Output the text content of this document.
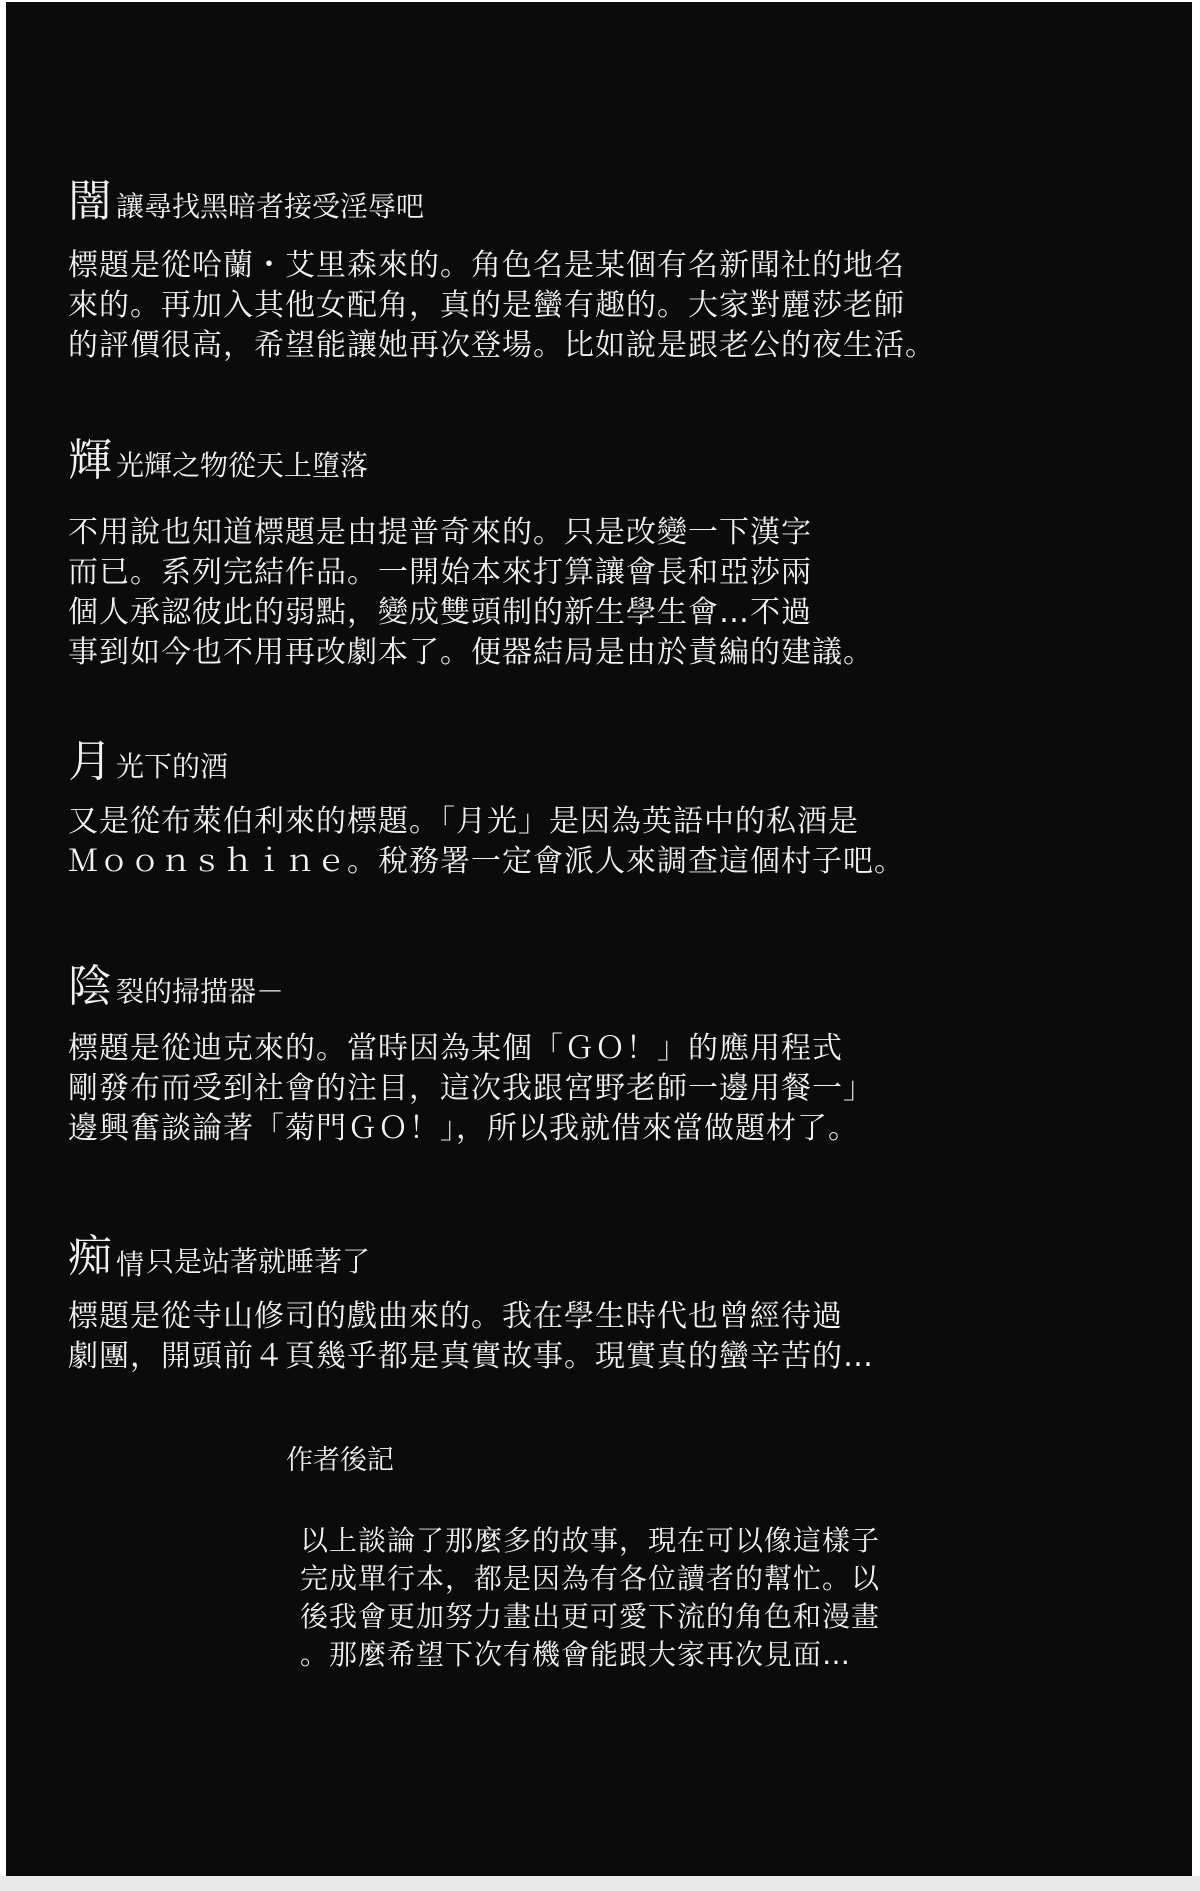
闇 讓尋找黑暗者接受淫辱吧
標題是從哈蘭・艾里森來的。角色名是某個有名新聞社的地名
來的。再加入其他女配角，真的是蠻有趣的。大家對麗莎老師
的評價很高，希望能讓她再次登場。比如說是跟老公的夜生活。
輝 光輝之物從天上墮落
不用說也知道標題是由提普奇來的。只是改變一下漢字
而已。系列完結作品。一開始本來打算讓會長和亞莎兩
個人承認彼此的弱點，變成雙頭制的新生學生會…不過
事到如今也不用再改劇本了。便器結局是由於責編的建議。
月 光下的酒
又是從布萊伯利來的標題。「月光」是因為英語中的私酒是
Ｍｏｏｎｓｈｉｎｅ。稅務署一定會派人來調查這個村子吧。
陰 裂的掃描器－
標題是從迪克來的。當時因為某個「ＧＯ！」的應用程式
剛發布而受到社會的注目，這次我跟宮野老師一邊用餐一」
邊興奮談論著「菊門ＧＯ！」，所以我就借來當做題材了。
痴 情 只是站著就睡著了
標題是從寺山修司的戲曲來的。我在學生時代也曾經待過
劇團，開頭前４頁幾乎都是真實故事。現實真的蠻辛苦的…
作者後記
以上談論了那麼多的故事，現在可以像這樣子
完成單行本，都是因為有各位讀者的幫忙。以
後我會更加努力畫出更可愛下流的角色和漫畫
。那麼希望下次有機會能跟大家再次見面…
